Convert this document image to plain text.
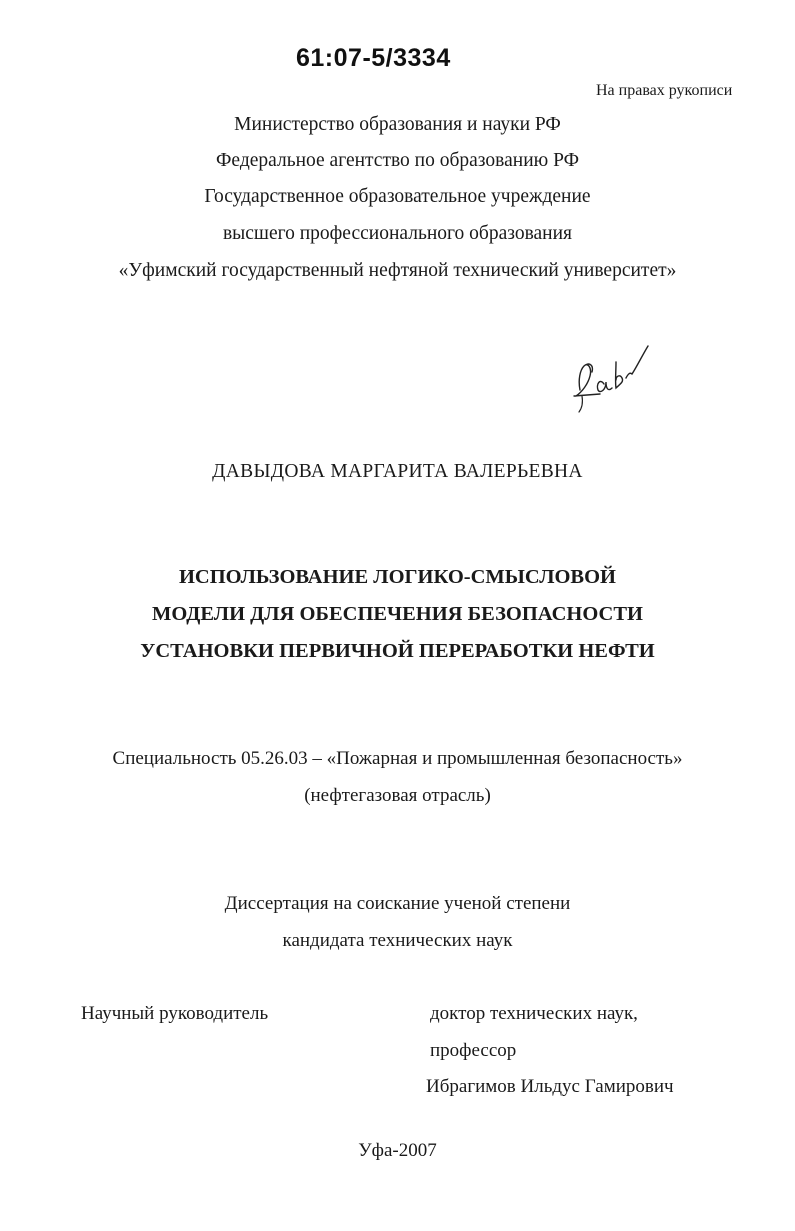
61:07-5/3334
На правах рукописи
Министерство образования и науки РФ
Федеральное агентство по образованию РФ
Государственное образовательное учреждение
высшего профессионального образования
«Уфимский государственный нефтяной технический университет»
ДАВЫДОВА МАРГАРИТА ВАЛЕРЬЕВНА
ИСПОЛЬЗОВАНИЕ ЛОГИКО-СМЫСЛОВОЙ
МОДЕЛИ ДЛЯ ОБЕСПЕЧЕНИЯ БЕЗОПАСНОСТИ
УСТАНОВКИ ПЕРВИЧНОЙ ПЕРЕРАБОТКИ НЕФТИ
Специальность 05.26.03 – «Пожарная и промышленная безопасность»
(нефтегазовая отрасль)
Диссертация на соискание ученой степени
кандидата технических наук
Научный руководитель	доктор технических наук,
профессор
Ибрагимов Ильдус Гамирович
Уфа-2007
